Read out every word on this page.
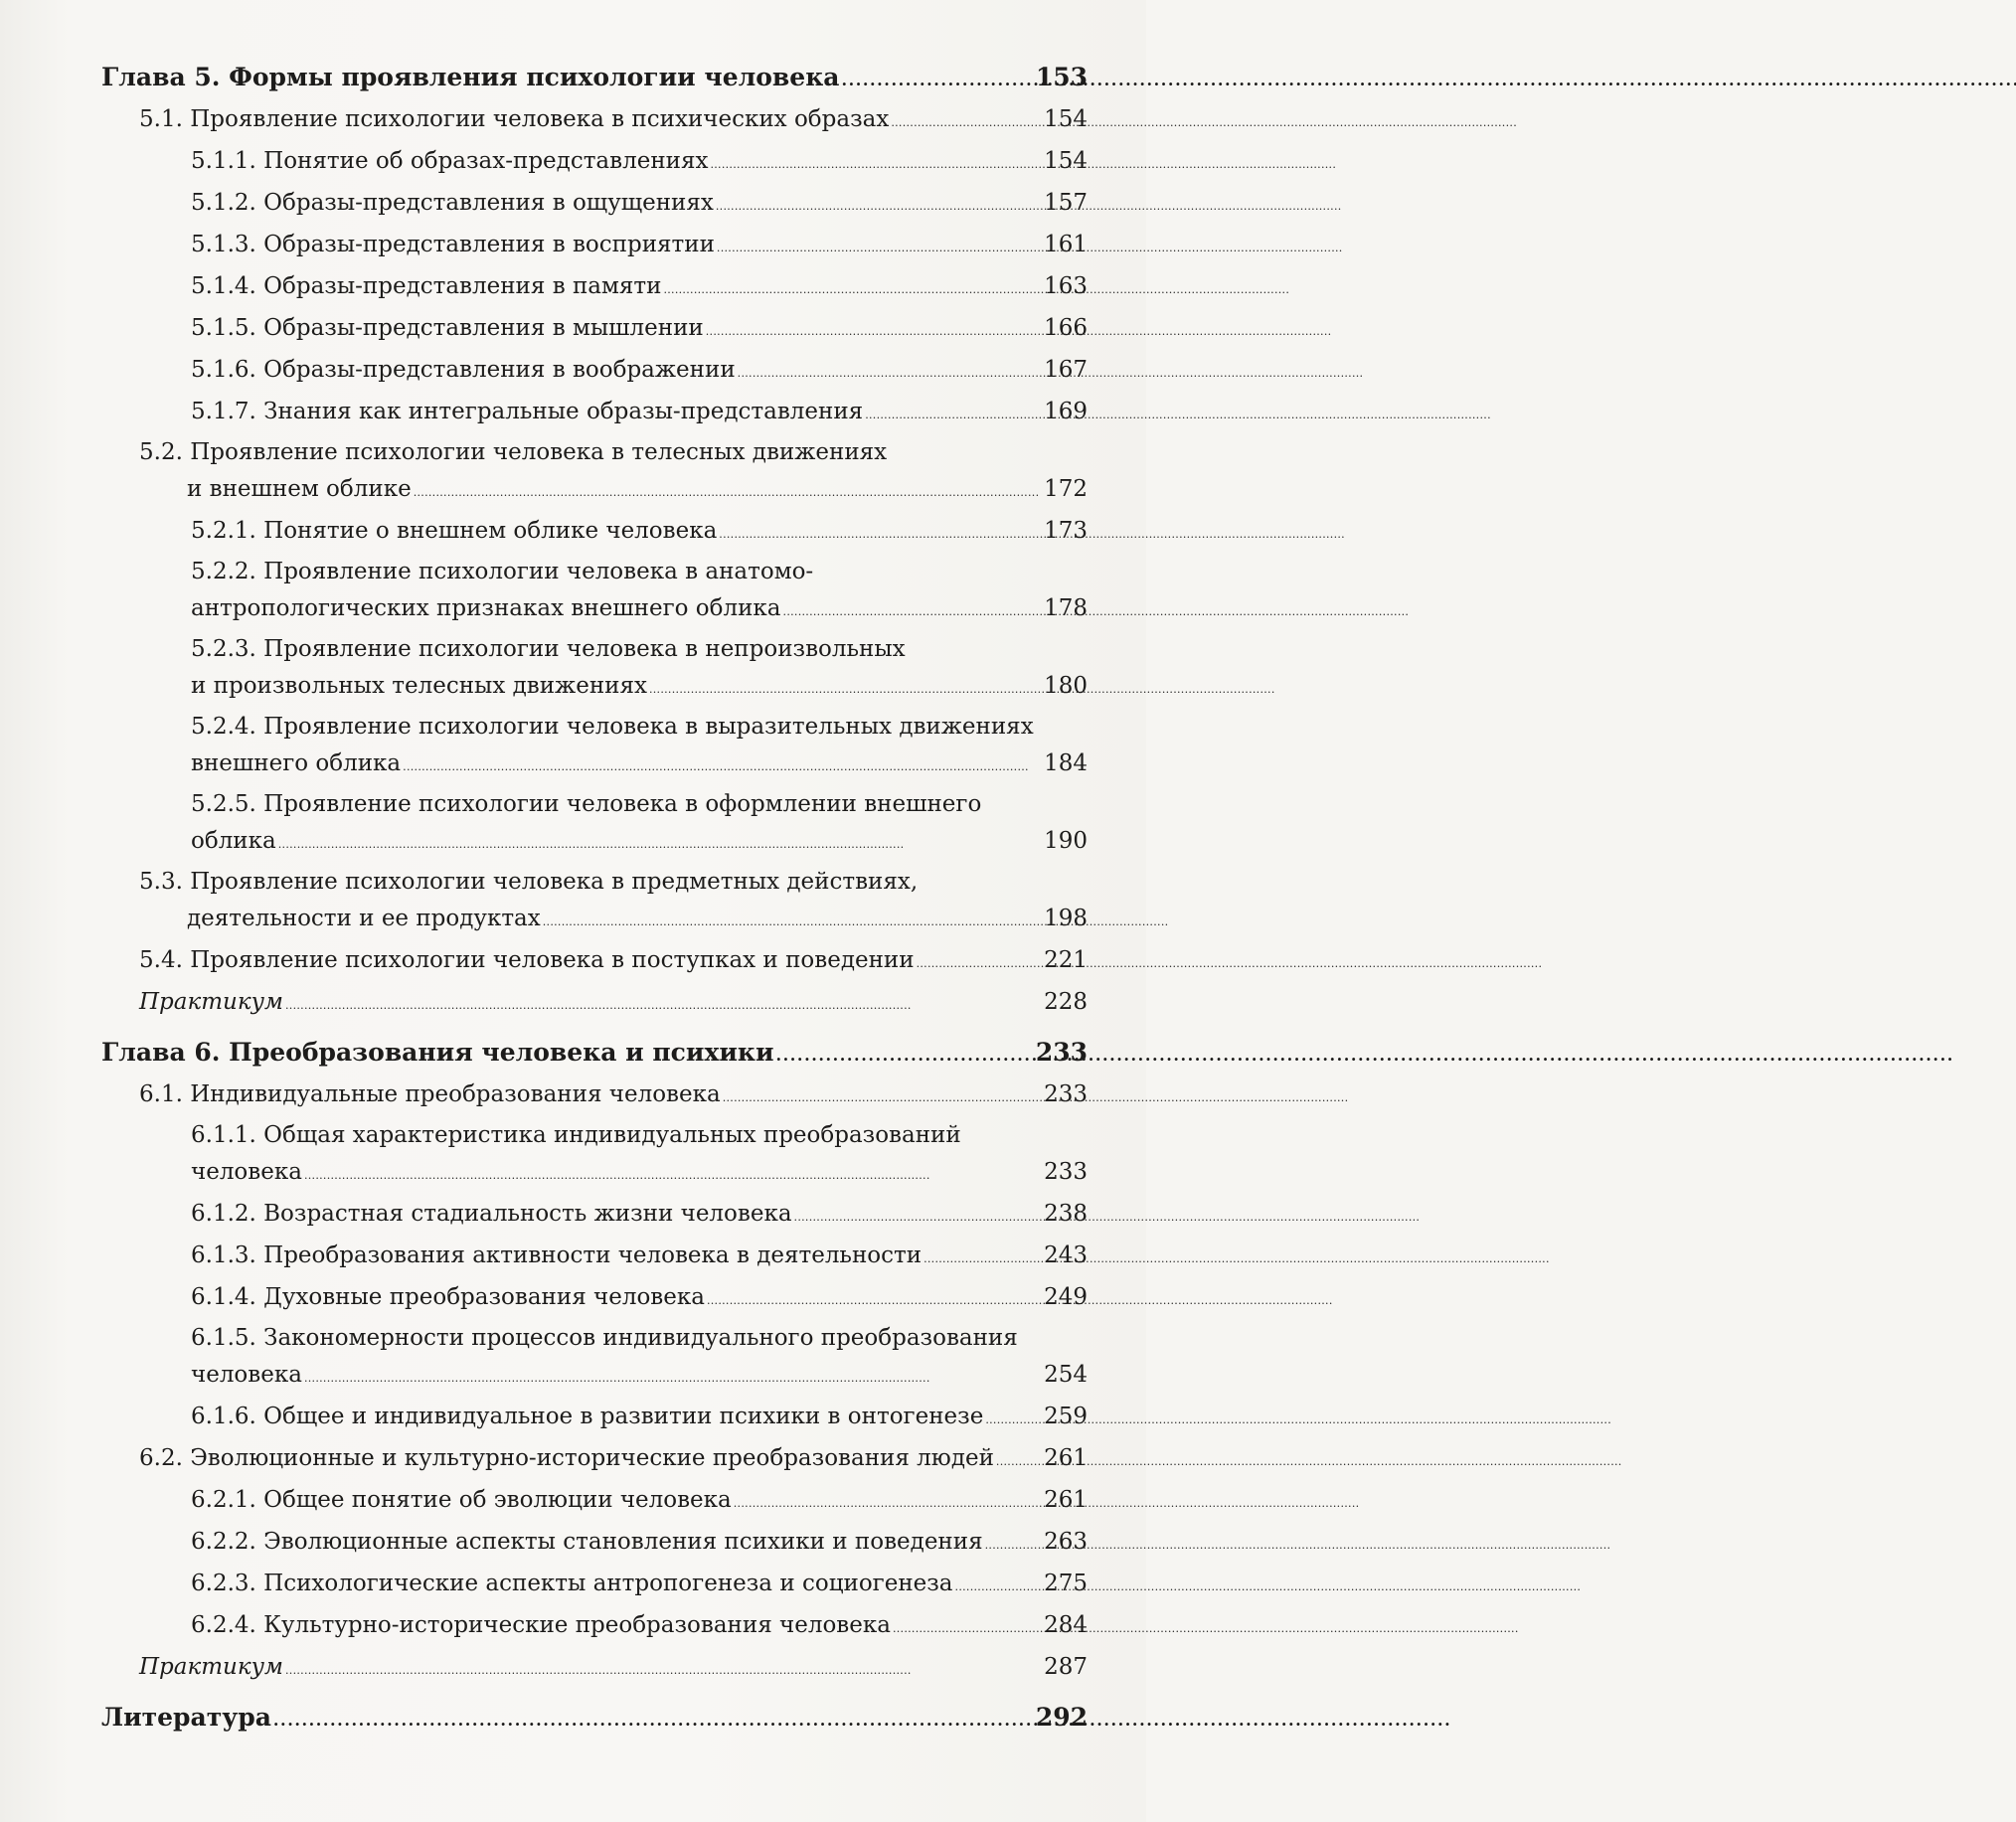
Глава 5. Формы проявления психологии человека . . .	153
5.1. Проявление психологии человека в психических образах . . .	154
5.1.1. Понятие об образах-представлениях . . .	154
5.1.2. Образы-представления в ощущениях . . .	157
5.1.3. Образы-представления в восприятии . . .	161
5.1.4. Образы-представления в памяти . . .	163
5.1.5. Образы-представления в мышлении . . .	166
5.1.6. Образы-представления в воображении . . .	167
5.1.7. Знания как интегральные образы-представления . . .	169
5.2. Проявление психологии человека в телесных движениях
и внешнем облике . . .	172
5.2.1. Понятие о внешнем облике человека . . .	173
5.2.2. Проявление психологии человека в анатомо-
антропологических признаках внешнего облика . . .	178
5.2.3. Проявление психологии человека в непроизвольных
и произвольных телесных движениях . . .	180
5.2.4. Проявление психологии человека в выразительных движениях
внешнего облика . . .	184
5.2.5. Проявление психологии человека в оформлении внешнего
облика . . .	190
5.3. Проявление психологии человека в предметных действиях,
деятельности и ее продуктах . . .	198
5.4. Проявление психологии человека в поступках и поведении . . .	221
Практикум . . .	228
Глава 6. Преобразования человека и психики . . .	233
6.1. Индивидуальные преобразования человека . . .	233
6.1.1. Общая характеристика индивидуальных преобразований
человека . . .	233
6.1.2. Возрастная стадиальность жизни человека . . .	238
6.1.3. Преобразования активности человека в деятельности . . .	243
6.1.4. Духовные преобразования человека . . .	249
6.1.5. Закономерности процессов индивидуального преобразования
человека . . .	254
6.1.6. Общее и индивидуальное в развитии психики в онтогенезе . . .	259
6.2. Эволюционные и культурно-исторические преобразования людей . . . 261
6.2.1. Общее понятие об эволюции человека . . .	261
6.2.2. Эволюционные аспекты становления психики и поведения . . .	263
6.2.3. Психологические аспекты антропогенеза и социогенеза . . .	275
6.2.4. Культурно-исторические преобразования человека . . .	284
Практикум . . .	287
Литература . . .	292
